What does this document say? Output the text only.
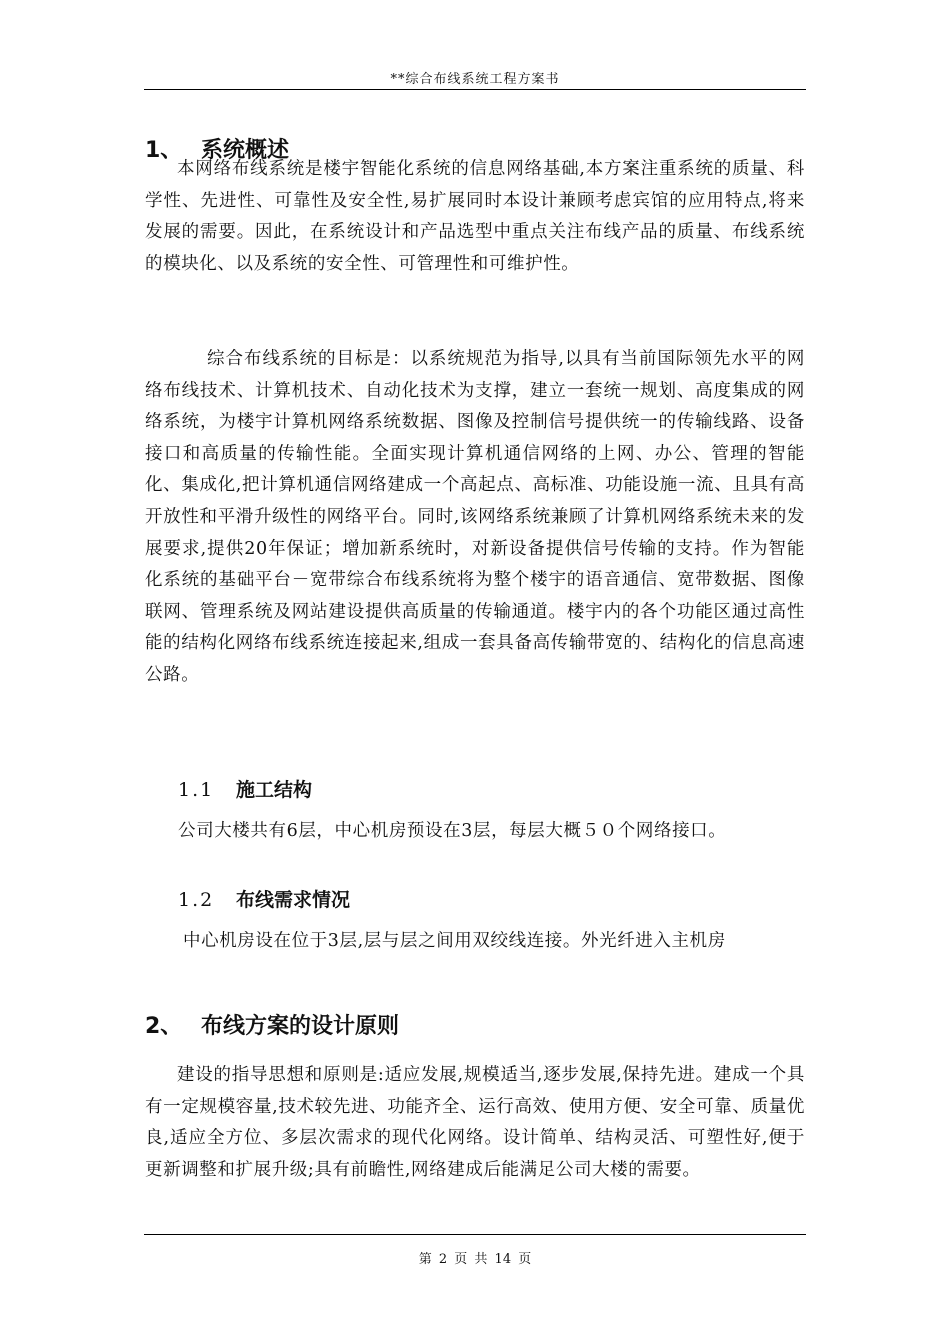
**综合布线系统工程方案书
1、 系统概述

本网络布线系统是楼宇智能化系统的信息网络基础,本方案注重系统的质量、科学性、先进性、可靠性及安全性,易扩展同时本设计兼顾考虑宾馆的应用特点,将来发展的需要。因此，在系统设计和产品选型中重点关注布线产品的质量、布线系统的模块化、以及系统的安全性、可管理性和可维护性。

综合布线系统的目标是：以系统规范为指导,以具有当前国际领先水平的网络布线技术、计算机技术、自动化技术为支撑，建立一套统一规划、高度集成的网络系统，为楼宇计算机网络系统数据、图像及控制信号提供统一的传输线路、设备接口和高质量的传输性能。全面实现计算机通信网络的上网、办公、管理的智能化、集成化,把计算机通信网络建成一个高起点、高标准、功能设施一流、且具有高开放性和平滑升级性的网络平台。同时,该网络系统兼顾了计算机网络系统未来的发展要求,提供20年保证；增加新系统时，对新设备提供信号传输的支持。作为智能化系统的基础平台－宽带综合布线系统将为整个楼宇的语音通信、宽带数据、图像联网、管理系统及网站建设提供高质量的传输通道。楼宇内的各个功能区通过高性能的结构化网络布线系统连接起来,组成一套具备高传输带宽的、结构化的信息高速公路。

1.1 施工结构

公司大楼共有6层，中心机房预设在3层，每层大概５０个网络接口。

1.2 布线需求情况

中心机房设在位于3层,层与层之间用双绞线连接。外光纤进入主机房

2、 布线方案的设计原则

建设的指导思想和原则是:适应发展,规模适当,逐步发展,保持先进。建成一个具有一定规模容量,技术较先进、功能齐全、运行高效、使用方便、安全可靠、质量优良,适应全方位、多层次需求的现代化网络。设计简单、结构灵活、可塑性好,便于更新调整和扩展升级;具有前瞻性,网络建成后能满足公司大楼的需要。

第 2 页 共 14 页
